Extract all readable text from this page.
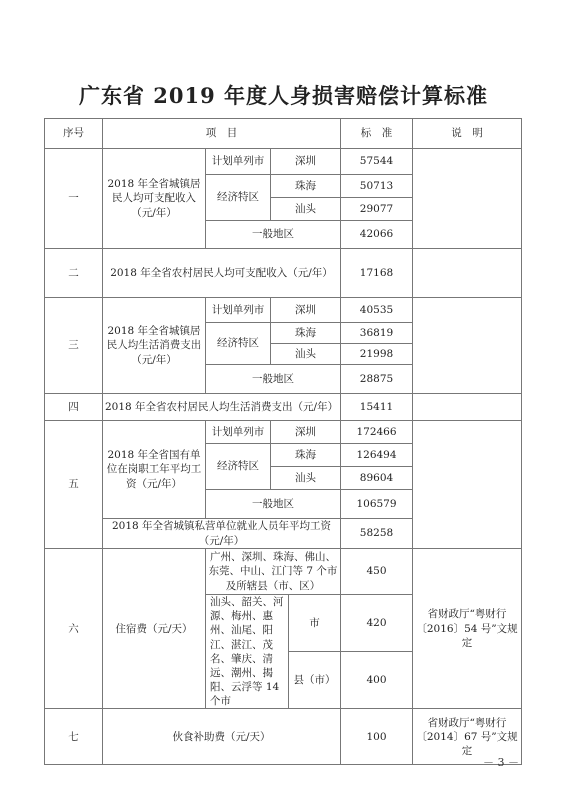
广东省 2019 年度人身损害赔偿计算标准
序号	项　目				标　准	说　明
一	2018 年全省城镇居民人均可支配收入（元/年）	计划单列市	深圳		57544	
		经济特区	珠海		50713	
			汕头		29077	
		一般地区			42066	
二	2018 年全省农村居民人均可支配收入（元/年）				17168	
三	2018 年全省城镇居民人均生活消费支出（元/年）	计划单列市	深圳		40535	
		经济特区	珠海		36819	
			汕头		21998	
		一般地区			28875	
四	2018 年全省农村居民人均生活消费支出（元/年）				15411	
五	2018 年全省国有单位在岗职工年平均工资（元/年）	计划单列市	深圳		172466	
		经济特区	珠海		126494	
			汕头		89604	
		一般地区			106579	
	2018 年全省城镇私营单位就业人员年平均工资（元/年）				58258	
六	住宿费（元/天）	广州、深圳、珠海、佛山、东莞、中山、江门等 7 个市及所辖县（市、区）			450	省财政厅“粤财行〔2016〕54 号”文规定
		汕头、韶关、河源、梅州、惠州、汕尾、阳江、湛江、茂名、肇庆、清远、潮州、揭阳、云浮等 14 个市		市	420	
				县（市）	400	
七	伙食补助费（元/天）				100	省财政厅“粤财行〔2014〕67 号”文规定
－ 3 －
